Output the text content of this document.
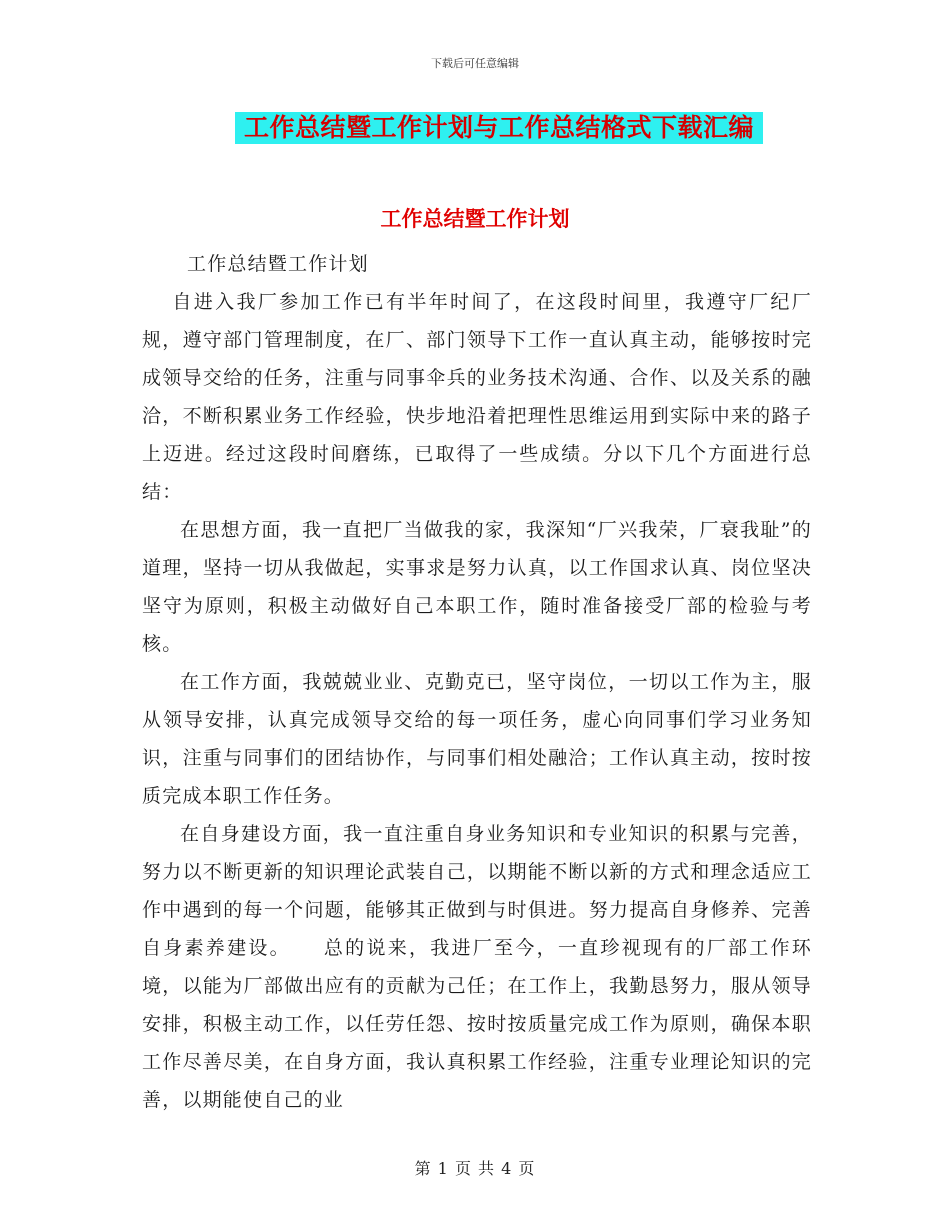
下载后可任意编辑
工作总结暨工作计划与工作总结格式下载汇编
工作总结暨工作计划

工作总结暨工作计划

自进入我厂参加工作已有半年时间了，在这段时间里，我遵守厂纪厂规，遵守部门管理制度，在厂、部门领导下工作一直认真主动，能够按时完成领导交给的任务，注重与同事伞兵的业务技术沟通、合作、以及关系的融洽，不断积累业务工作经验，快步地沿着把理性思维运用到实际中来的路子上迈进。经过这段时间磨练，已取得了一些成绩。分以下几个方面进行总结：

在思想方面，我一直把厂当做我的家，我深知“厂兴我荣，厂衰我耻”的道理，坚持一切从我做起，实事求是努力认真，以工作国求认真、岗位坚决坚守为原则，积极主动做好自己本职工作，随时准备接受厂部的检验与考核。

在工作方面，我兢兢业业、克勤克已，坚守岗位，一切以工作为主，服从领导安排，认真完成领导交给的每一项任务，虚心向同事们学习业务知识，注重与同事们的团结协作，与同事们相处融洽；工作认真主动，按时按质完成本职工作任务。

在自身建设方面，我一直注重自身业务知识和专业知识的积累与完善，努力以不断更新的知识理论武装自己，以期能不断以新的方式和理念适应工作中遇到的每一个问题，能够其正做到与时俱进。努力提高自身修养、完善自身素养建设。　　总的说来，我进厂至今，一直珍视现有的厂部工作环境，以能为厂部做出应有的贡献为己任；在工作上，我勤恳努力，服从领导安排，积极主动工作，以任劳任怨、按时按质量完成工作为原则，确保本职工作尽善尽美，在自身方面，我认真积累工作经验，注重专业理论知识的完善，以期能使自己的业

第 1 页 共 4 页
